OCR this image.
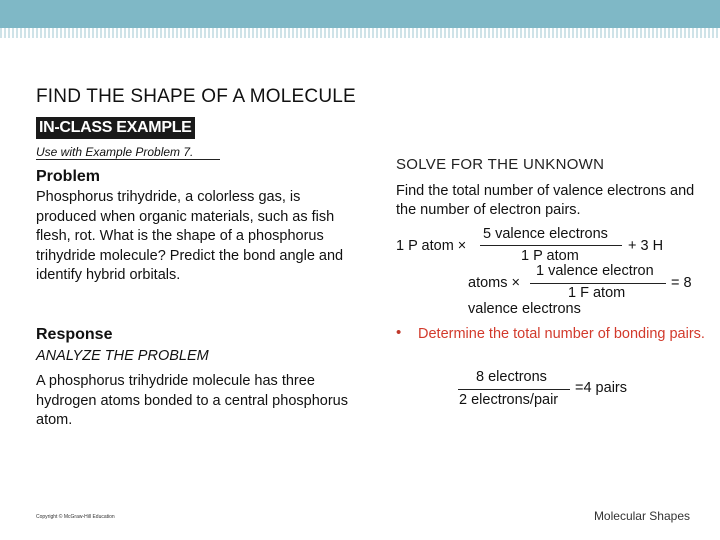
FIND THE SHAPE OF A MOLECULE
IN-CLASS EXAMPLE
Use with Example Problem 7.
Problem
Phosphorus trihydride, a colorless gas, is produced when organic materials, such as fish flesh, rot. What is the shape of a phosphorus trihydride molecule? Predict the bond angle and identify hybrid orbitals.
Response
ANALYZE THE PROBLEM
A phosphorus trihydride molecule has three hydrogen atoms bonded to a central phosphorus atom.
SOLVE FOR THE UNKNOWN
Find the total number of valence electrons and the number of electron pairs.
1 P atom ×
5 valence electrons
1 P atom
+ 3 H
atoms ×
1 valence electron
1 F atom
= 8
valence electrons
• Determine the total number of bonding pairs.
8 electrons
2 electrons/pair
=4 pairs
Copyright © McGraw-Hill Education	Molecular Shapes
